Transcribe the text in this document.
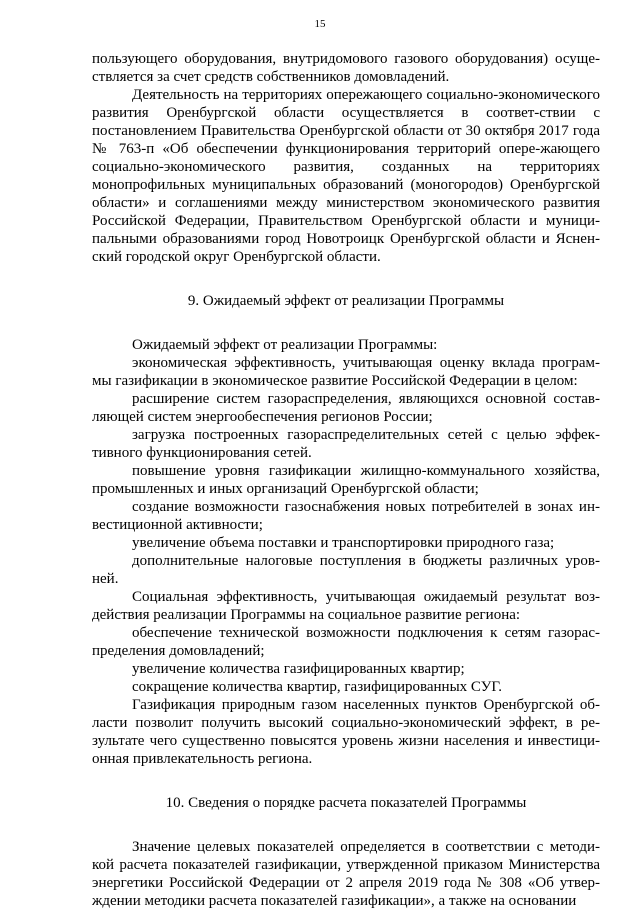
15

пользующего оборудования, внутридомового газового оборудования) осуще-ствляется за счет средств собственников домовладений.

Деятельность на территориях опережающего социально-экономического развития Оренбургской области осуществляется в соответ-ствии с постановлением Правительства Оренбургской области от 30 октября 2017 года № 763-п «Об обеспечении функционирования территорий опере-жающего социально-экономического развития, созданных на территориях монопрофильных муниципальных образований (моногородов) Оренбургской области» и соглашениями между министерством экономического развития Российской Федерации, Правительством Оренбургской области и муници-пальными образованиями город Новотроицк Оренбургской области и Яснен-ский городской округ Оренбургской области.

9. Ожидаемый эффект от реализации Программы

Ожидаемый эффект от реализации Программы:

экономическая эффективность, учитывающая оценку вклада програм-мы газификации в экономическое развитие Российской Федерации в целом:

расширение систем газораспределения, являющихся основной состав-ляющей систем энергообеспечения регионов России;

загрузка построенных газораспределительных сетей с целью эффек-тивного функционирования сетей.

повышение уровня газификации жилищно-коммунального хозяйства, промышленных и иных организаций Оренбургской области;

создание возможности газоснабжения новых потребителей в зонах ин-вестиционной активности;

увеличение объема поставки и транспортировки природного газа;

дополнительные налоговые поступления в бюджеты различных уров-ней.

Социальная эффективность, учитывающая ожидаемый результат воз-действия реализации Программы на социальное развитие региона:

обеспечение технической возможности подключения к сетям газорас-пределения домовладений;

увеличение количества газифицированных квартир;

сокращение количества квартир, газифицированных СУГ.

Газификация природным газом населенных пунктов Оренбургской об-ласти позволит получить высокий социально-экономический эффект, в ре-зультате чего существенно повысятся уровень жизни населения и инвестици-онная привлекательность региона.

10. Сведения о порядке расчета показателей Программы

Значение целевых показателей определяется в соответствии с методи-кой расчета показателей газификации, утвержденной приказом Министерства энергетики Российской Федерации от 2 апреля 2019 года № 308 «Об утвер-ждении методики расчета показателей газификации», а также на основании
